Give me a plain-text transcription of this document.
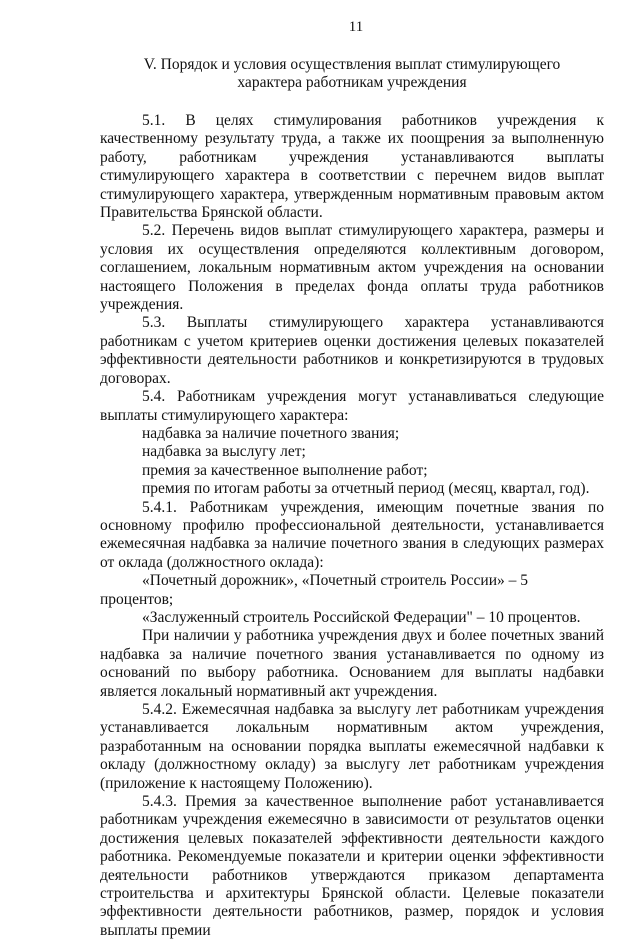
11
V. Порядок и условия осуществления выплат стимулирующего
характера работникам учреждения

5.1. В целях стимулирования работников учреждения к качественному результату труда, а также их поощрения за выполненную работу, работникам учреждения устанавливаются выплаты стимулирующего характера в соответствии с перечнем видов выплат стимулирующего характера, утвержденным нормативным правовым актом Правительства Брянской области.

5.2. Перечень видов выплат стимулирующего характера, размеры и условия их осуществления определяются коллективным договором, соглашением, локальным нормативным актом учреждения на основании настоящего Положения в пределах фонда оплаты труда работников учреждения.

5.3. Выплаты стимулирующего характера устанавливаются работникам с учетом критериев оценки достижения целевых показателей эффективности деятельности работников и конкретизируются в трудовых договорах.

5.4. Работникам учреждения могут устанавливаться следующие выплаты стимулирующего характера:

надбавка за наличие почетного звания;

надбавка за выслугу лет;

премия за качественное выполнение работ;

премия по итогам работы за отчетный период (месяц, квартал, год).

5.4.1. Работникам учреждения, имеющим почетные звания по основному профилю профессиональной деятельности, устанавливается ежемесячная надбавка за наличие почетного звания в следующих размерах от оклада (должностного оклада):

«Почетный дорожник», «Почетный строитель России» – 5 процентов;

«Заслуженный строитель Российской Федерации" – 10 процентов.

При наличии у работника учреждения двух и более почетных званий надбавка за наличие почетного звания устанавливается по одному из оснований по выбору работника. Основанием для выплаты надбавки является локальный нормативный акт учреждения.

5.4.2. Ежемесячная надбавка за выслугу лет работникам учреждения устанавливается локальным нормативным актом учреждения, разработанным на основании порядка выплаты ежемесячной надбавки к окладу (должностному окладу) за выслугу лет работникам учреждения (приложение к настоящему Положению).

5.4.3. Премия за качественное выполнение работ устанавливается работникам учреждения ежемесячно в зависимости от результатов оценки достижения целевых показателей эффективности деятельности каждого работника. Рекомендуемые показатели и критерии оценки эффективности деятельности работников утверждаются приказом департамента строительства и архитектуры Брянской области. Целевые показатели эффективности деятельности работников, размер, порядок и условия выплаты премии
